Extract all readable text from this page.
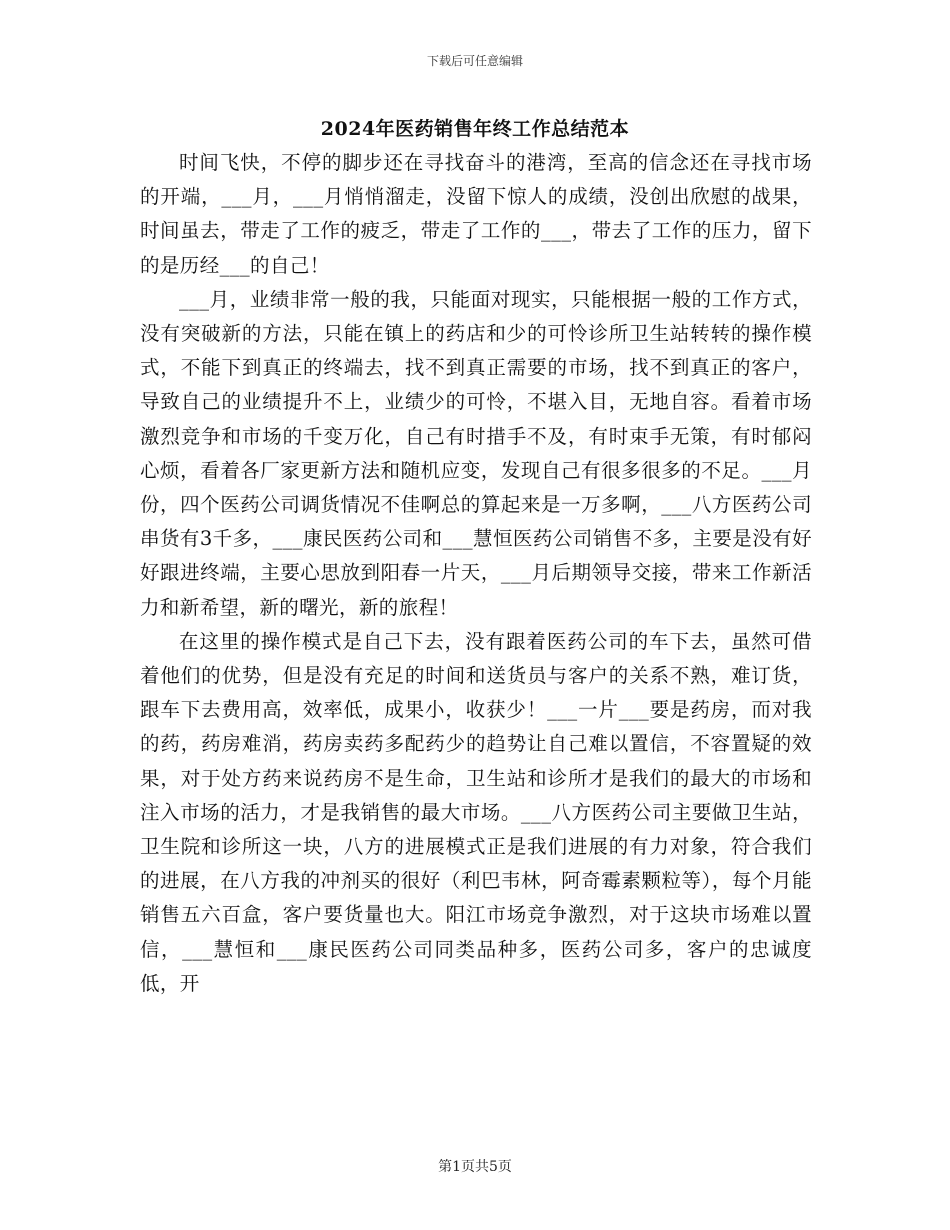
下载后可任意编辑
2024年医药销售年终工作总结范本

时间飞快，不停的脚步还在寻找奋斗的港湾，至高的信念还在寻找市场的开端，___月，___月悄悄溜走，没留下惊人的成绩，没创出欣慰的战果，时间虽去，带走了工作的疲乏，带走了工作的___，带去了工作的压力，留下的是历经___的自己！

___月，业绩非常一般的我，只能面对现实，只能根据一般的工作方式，没有突破新的方法，只能在镇上的药店和少的可怜诊所卫生站转转的操作模式，不能下到真正的终端去，找不到真正需要的市场，找不到真正的客户，导致自己的业绩提升不上，业绩少的可怜，不堪入目，无地自容。看着市场激烈竞争和市场的千变万化，自己有时措手不及，有时束手无策，有时郁闷心烦，看着各厂家更新方法和随机应变，发现自己有很多很多的不足。___月份，四个医药公司调货情况不佳啊总的算起来是一万多啊，___八方医药公司串货有3千多，___康民医药公司和___慧恒医药公司销售不多，主要是没有好好跟进终端，主要心思放到阳春一片天，___月后期领导交接，带来工作新活力和新希望，新的曙光，新的旅程！

在这里的操作模式是自己下去，没有跟着医药公司的车下去，虽然可借着他们的优势，但是没有充足的时间和送货员与客户的关系不熟，难订货，跟车下去费用高，效率低，成果小，收获少！___一片___要是药房，而对我的药，药房难消，药房卖药多配药少的趋势让自己难以置信，不容置疑的效果，对于处方药来说药房不是生命，卫生站和诊所才是我们的最大的市场和注入市场的活力，才是我销售的最大市场。___八方医药公司主要做卫生站，卫生院和诊所这一块，八方的进展模式正是我们进展的有力对象，符合我们的进展，在八方我的冲剂买的很好（利巴韦林，阿奇霉素颗粒等），每个月能销售五六百盒，客户要货量也大。阳江市场竞争激烈，对于这块市场难以置信，___慧恒和___康民医药公司同类品种多，医药公司多，客户的忠诚度低，开

第1页共5页
